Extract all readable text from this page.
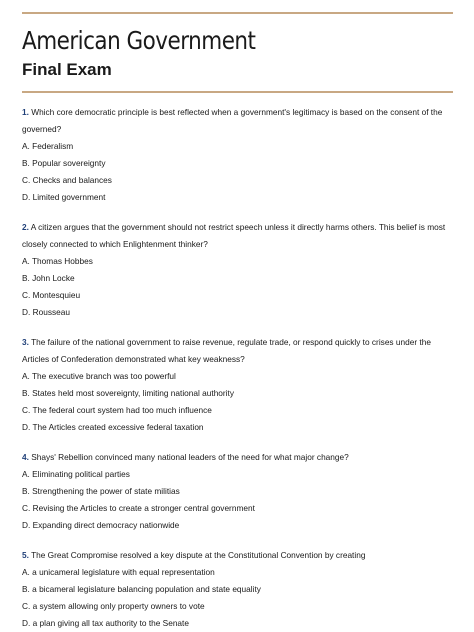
American Government
Final Exam

1. Which core democratic principle is best reflected when a government's legitimacy is based on the consent of the governed?

A. Federalism

B. Popular sovereignty

C. Checks and balances

D. Limited government

2. A citizen argues that the government should not restrict speech unless it directly harms others. This belief is most closely connected to which Enlightenment thinker?

A. Thomas Hobbes

B. John Locke

C. Montesquieu

D. Rousseau

3. The failure of the national government to raise revenue, regulate trade, or respond quickly to crises under the Articles of Confederation demonstrated what key weakness?

A. The executive branch was too powerful

B. States held most sovereignty, limiting national authority

C. The federal court system had too much influence

D. The Articles created excessive federal taxation

4. Shays' Rebellion convinced many national leaders of the need for what major change?

A. Eliminating political parties

B. Strengthening the power of state militias

C. Revising the Articles to create a stronger central government

D. Expanding direct democracy nationwide

5. The Great Compromise resolved a key dispute at the Constitutional Convention by creating

A. a unicameral legislature with equal representation

B. a bicameral legislature balancing population and state equality

C. a system allowing only property owners to vote

D. a plan giving all tax authority to the Senate
